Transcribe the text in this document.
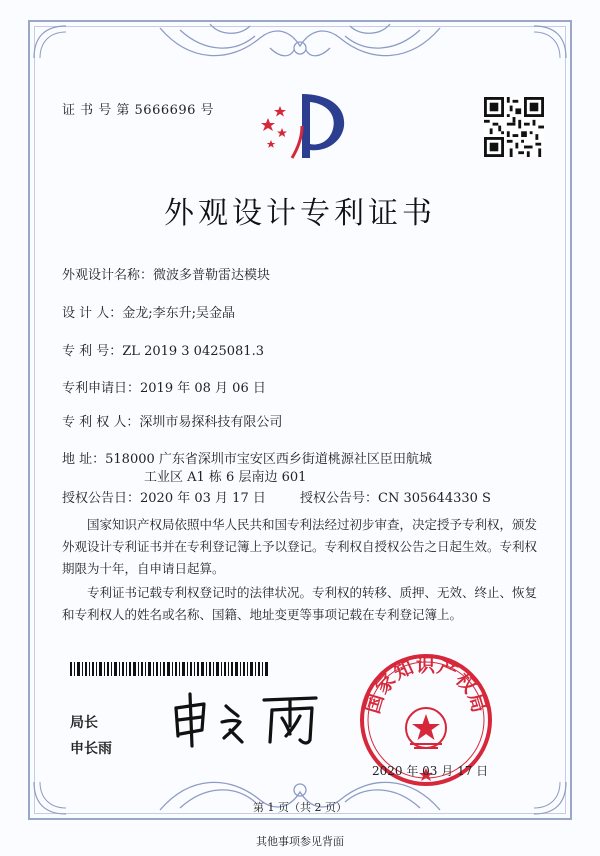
证 书 号 第 5666696 号
外观设计专利证书
外观设计名称：微波多普勒雷达模块
设 计 人：金龙;李东升;吴金晶
专 利 号：ZL 2019 3 0425081.3
专利申请日：2019 年 08 月 06 日
专 利 权 人：深圳市易探科技有限公司
地 址：518000 广东省深圳市宝安区西乡街道桃源社区臣田航城
工业区 A1 栋 6 层南边 601
授权公告日：2020 年 03 月 17 日	授权公告号：CN 305644330 S
国家知识产权局依照中华人民共和国专利法经过初步审查，决定授予专利权，颁发外观设计专利证书并在专利登记簿上予以登记。专利权自授权公告之日起生效。专利权期限为十年，自申请日起算。
专利证书记载专利权登记时的法律状况。专利权的转移、质押、无效、终止、恢复和专利权人的姓名或名称、国籍、地址变更等事项记载在专利登记簿上。
局长
申长雨
国家知识产权局
2020 年 03 月 17 日
第 1 页（共 2 页）
其他事项参见背面
